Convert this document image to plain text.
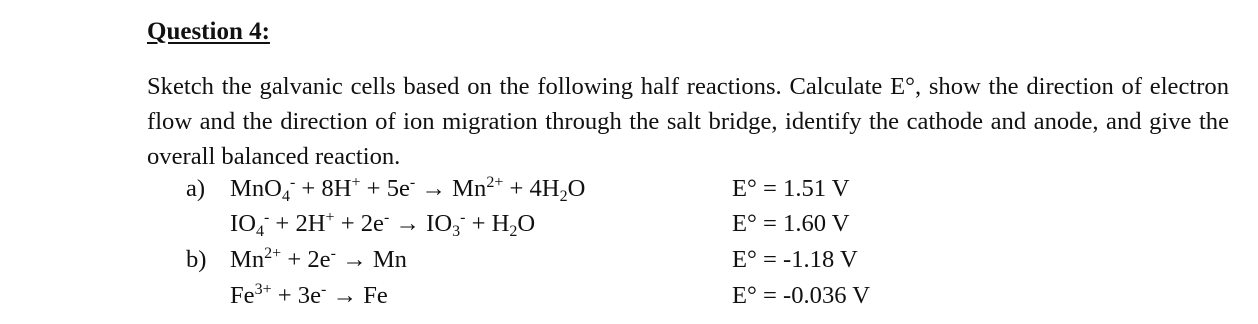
Question 4:
Sketch the galvanic cells based on the following half reactions. Calculate E°, show the direction of electron flow and the direction of ion migration through the salt bridge, identify the cathode and anode, and give the overall balanced reaction.
a) $MnO_4^- + 8H^+ + 5e^- \to Mn^{2+} + 4H_2O$	E° = 1.51 V
$IO_4^- + 2H^+ + 2e^- \to IO_3^- + H_2O$	E° = 1.60 V
b) $Mn^{2+} + 2e^- \to Mn$	E° = -1.18 V
$Fe^{3+} + 3e^- \to Fe$	E° = -0.036 V
